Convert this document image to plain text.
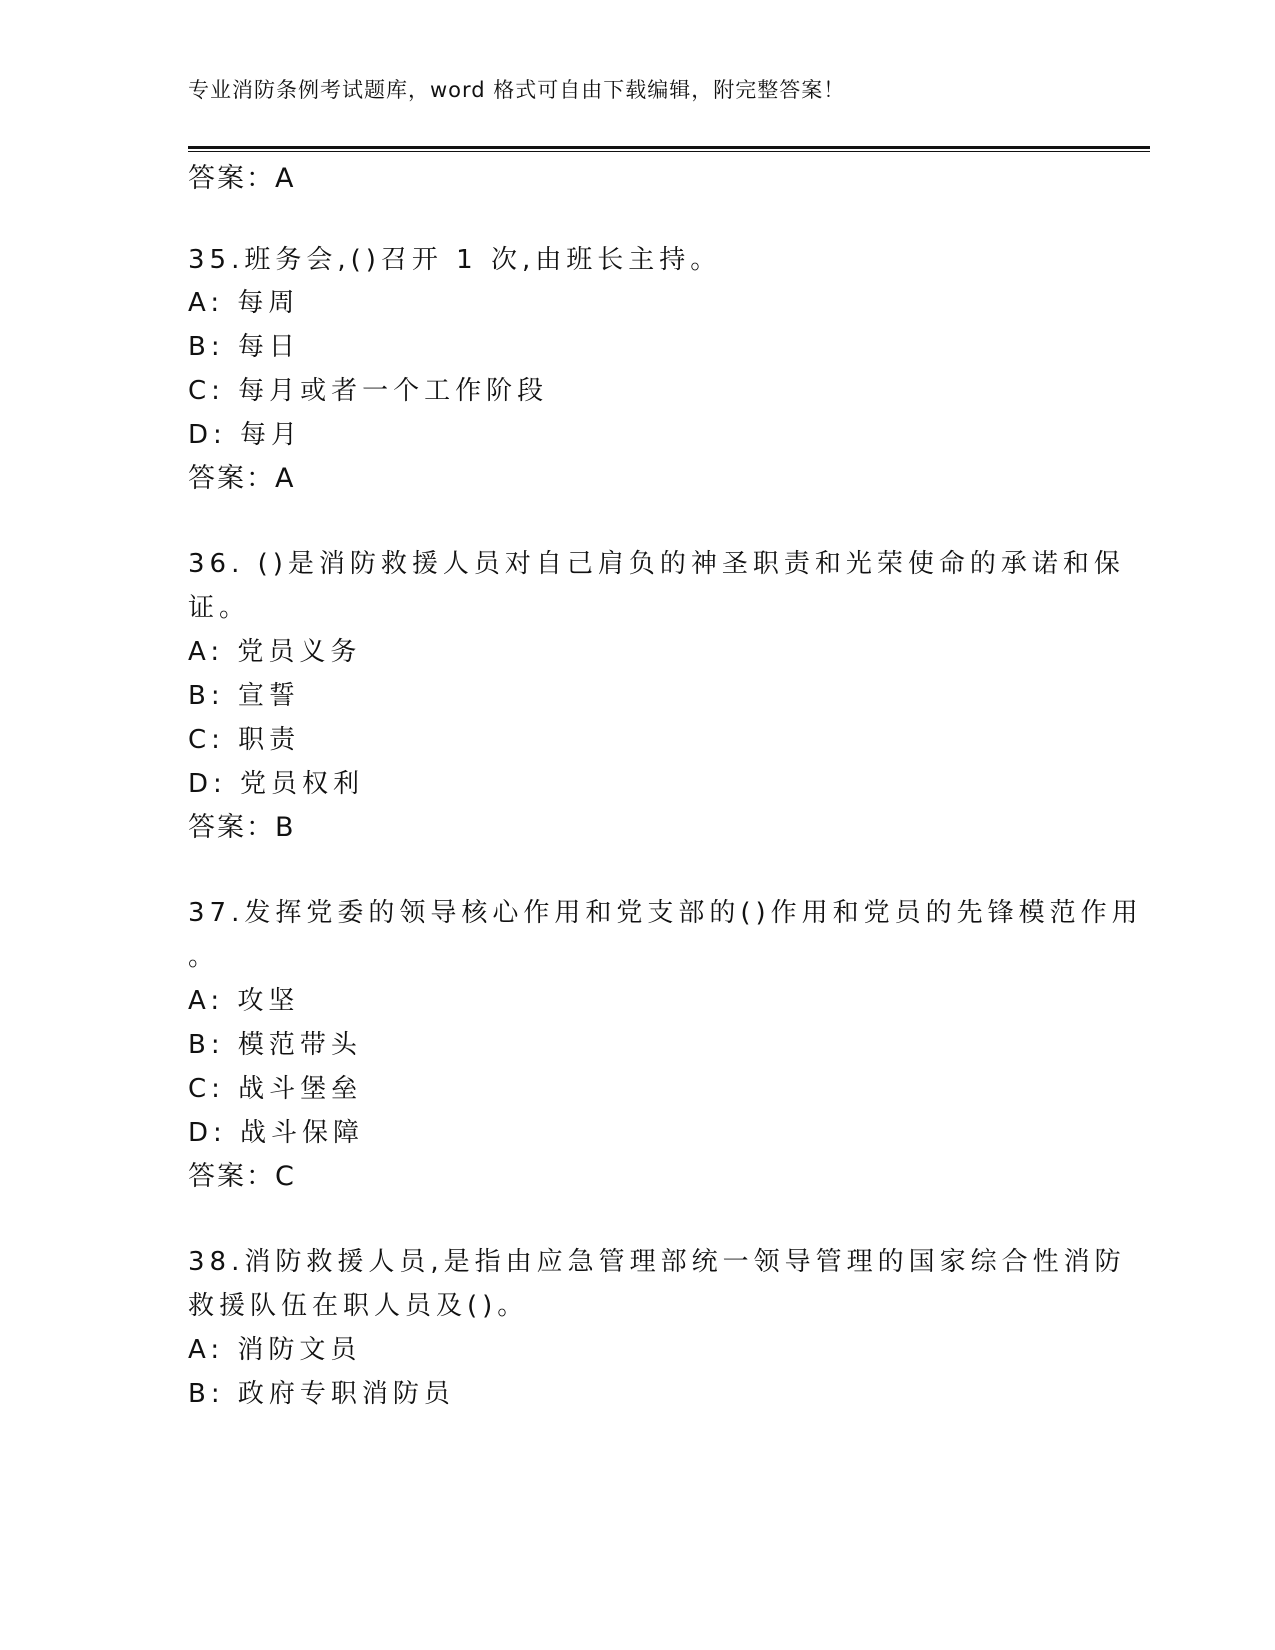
专业消防条例考试题库，word 格式可自由下载编辑，附完整答案！
答案：A
35.班务会,()召开 1 次,由班长主持。
A: 每周
B: 每日
C: 每月或者一个工作阶段
D: 每月
答案：A
36. ()是消防救援人员对自己肩负的神圣职责和光荣使命的承诺和保
证。
A: 党员义务
B: 宣誓
C: 职责
D: 党员权利
答案：B
37.发挥党委的领导核心作用和党支部的()作用和党员的先锋模范作用
。
A: 攻坚
B: 模范带头
C: 战斗堡垒
D: 战斗保障
答案：C
38.消防救援人员,是指由应急管理部统一领导管理的国家综合性消防
救援队伍在职人员及()。
A: 消防文员
B: 政府专职消防员
